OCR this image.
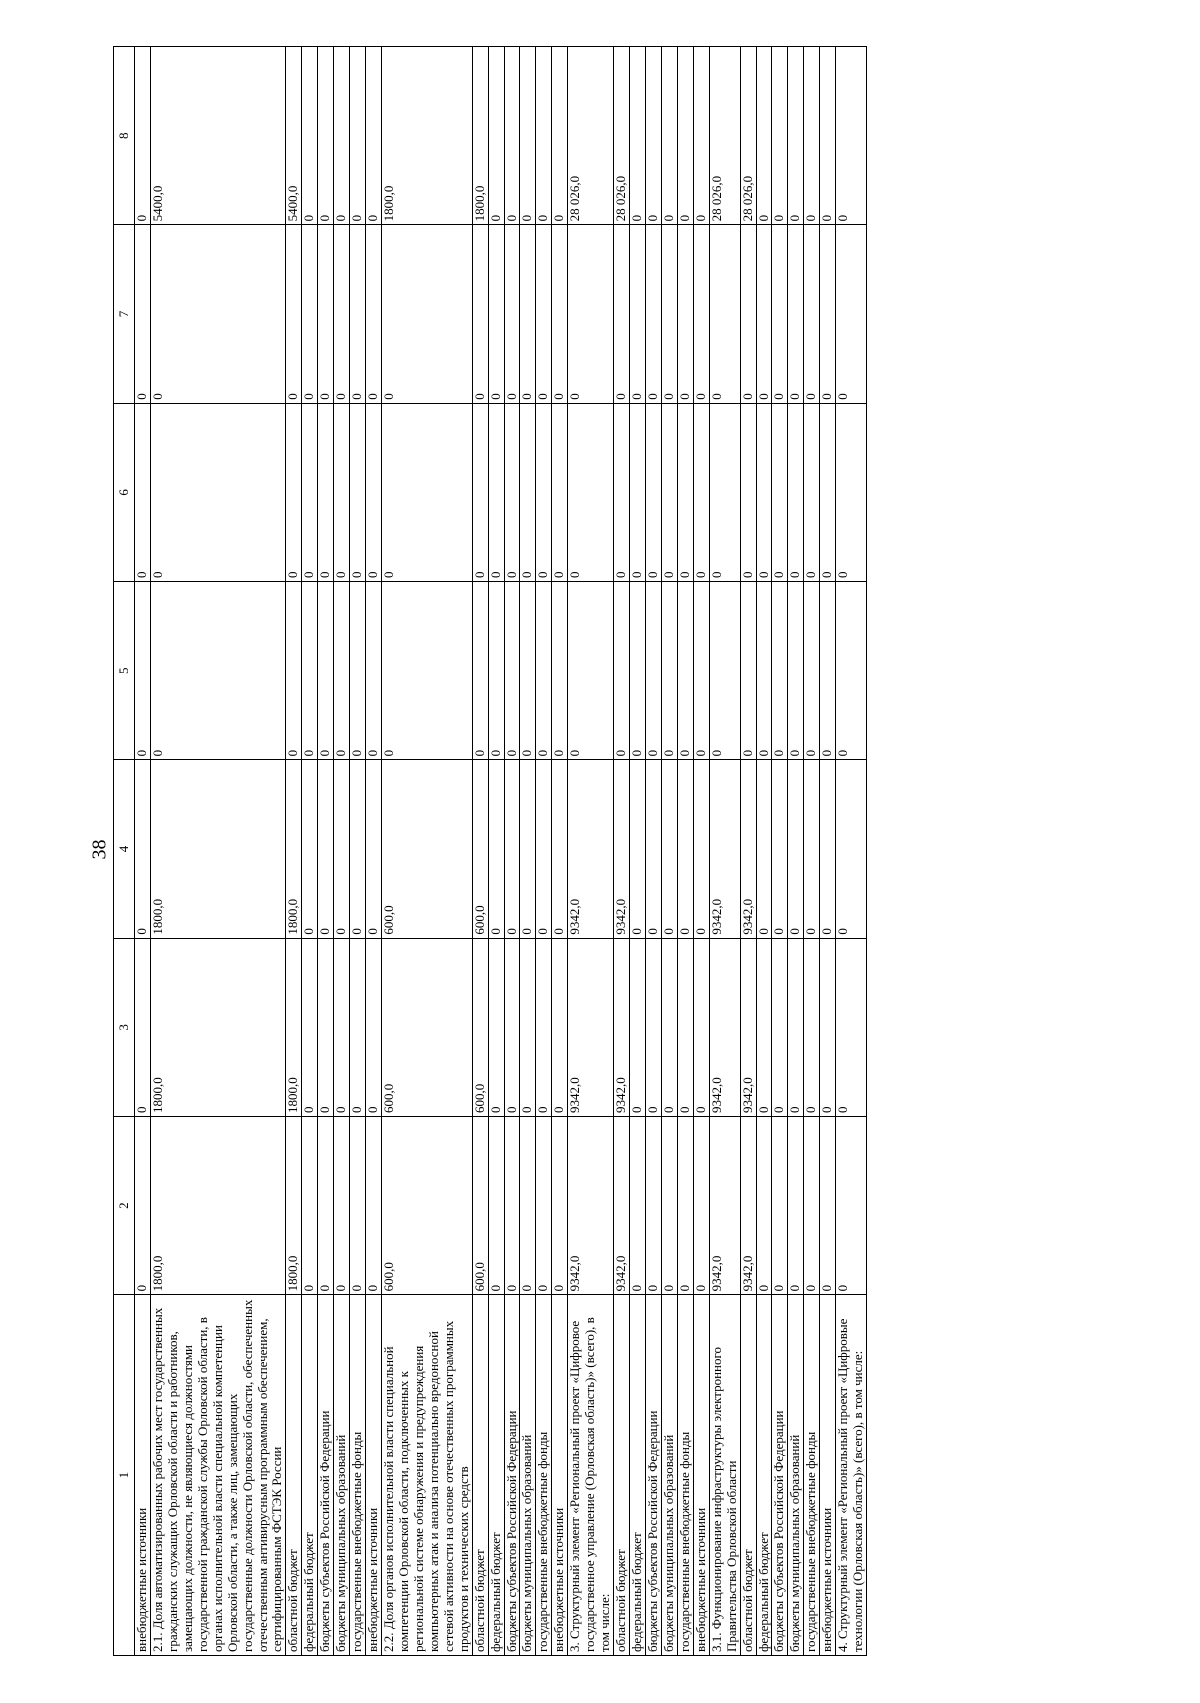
38
1	2	3	4	5	6	7	8
внебюджетные источники	0	0	0	0	0	0	0
2.1. Доля автоматизированных рабочих мест государственных гражданских служащих Орловской области и работников, замещающих должности, не являющиеся должностями государственной гражданской службы Орловской области, в органах исполнительной власти специальной компетенции Орловской области, а также лиц, замещающих государственные должности Орловской области, обеспеченных отечественным антивирусным программным обеспечением, сертифицированным ФСТЭК России	1800,0	1800,0	1800,0	0	0	0	5400,0
областной бюджет	1800,0	1800,0	1800,0	0	0	0	5400,0
федеральный бюджет	0	0	0	0	0	0	0
бюджеты субъектов Российской Федерации	0	0	0	0	0	0	0
бюджеты муниципальных образований	0	0	0	0	0	0	0
государственные внебюджетные фонды	0	0	0	0	0	0	0
внебюджетные источники	0	0	0	0	0	0	0
2.2. Доля органов исполнительной власти специальной компетенции Орловской области, подключенных к региональной системе обнаружения и предупреждения компьютерных атак и анализа потенциально вредоносной сетевой активности на основе отечественных программных продуктов и технических средств	600,0	600,0	600,0	0	0	0	1800,0
областной бюджет	600,0	600,0	600,0	0	0	0	1800,0
федеральный бюджет	0	0	0	0	0	0	0
бюджеты субъектов Российской Федерации	0	0	0	0	0	0	0
бюджеты муниципальных образований	0	0	0	0	0	0	0
государственные внебюджетные фонды	0	0	0	0	0	0	0
внебюджетные источники	0	0	0	0	0	0	0
3. Структурный элемент «Региональный проект «Цифровое государственное управление (Орловская область)» (всего), в том числе:	9342,0	9342,0	9342,0	0	0	0	28 026,0
областной бюджет	9342,0	9342,0	9342,0	0	0	0	28 026,0
федеральный бюджет	0	0	0	0	0	0	0
бюджеты субъектов Российской Федерации	0	0	0	0	0	0	0
бюджеты муниципальных образований	0	0	0	0	0	0	0
государственные внебюджетные фонды	0	0	0	0	0	0	0
внебюджетные источники	0	0	0	0	0	0	0
3.1. Функционирование инфраструктуры электронного Правительства Орловской области	9342,0	9342,0	9342,0	0	0	0	28 026,0
областной бюджет	9342,0	9342,0	9342,0	0	0	0	28 026,0
федеральный бюджет	0	0	0	0	0	0	0
бюджеты субъектов Российской Федерации	0	0	0	0	0	0	0
бюджеты муниципальных образований	0	0	0	0	0	0	0
государственные внебюджетные фонды	0	0	0	0	0	0	0
внебюджетные источники	0	0	0	0	0	0	0
4. Структурный элемент «Региональный проект «Цифровые технологии (Орловская область)» (всего), в том числе:	0	0	0	0	0	0	0
